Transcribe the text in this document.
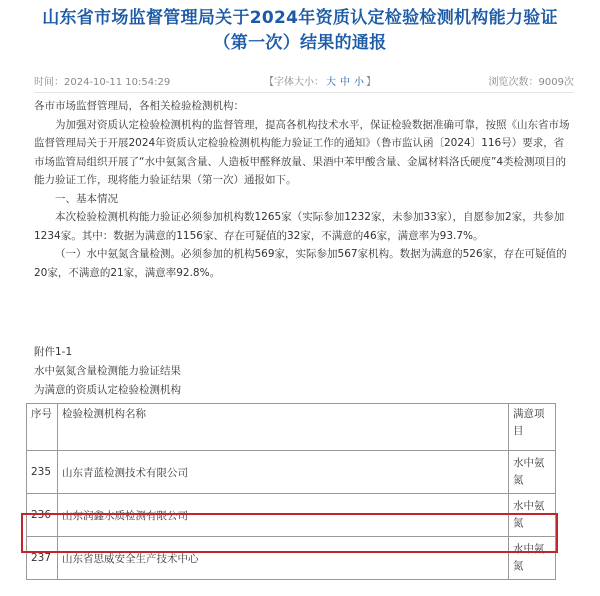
山东省市场监督管理局关于2024年资质认定检验检测机构能力验证
（第一次）结果的通报
时间：2024-10-11 10:54:29	【字体大小： 大 中 小 】	浏览次数：9009次

各市市场监督管理局，各相关检验检测机构：

为加强对资质认定检验检测机构的监督管理，提高各机构技术水平，保证检验数据准确可靠，按照《山东省市场监督管理局关于开展2024年资质认定检验检测机构能力验证工作的通知》（鲁市监认函〔2024〕116号）要求，省市场监管局组织开展了“水中氨氮含量、人造板甲醛释放量、果酒中苯甲酸含量、金属材料洛氏硬度”4类检测项目的能力验证工作，现将能力验证结果（第一次）通报如下。

一、基本情况

本次检验检测机构能力验证必须参加机构数1265家（实际参加1232家，未参加33家），自愿参加2家，共参加1234家。其中：数据为满意的1156家、存在可疑值的32家，不满意的46家，满意率为93.7%。

（一）水中氨氮含量检测。必须参加的机构569家，实际参加567家机构。数据为满意的526家，存在可疑值的20家，不满意的21家，满意率92.8%。

附件1-1

水中氨氮含量检测能力验证结果

为满意的资质认定检验检测机构

序号	检验检测机构名称	满意项目
235	山东青蓝检测技术有限公司	水中氨氮
236	山东润鑫水质检测有限公司	水中氨氮
237	山东省思威安全生产技术中心	水中氨氮
